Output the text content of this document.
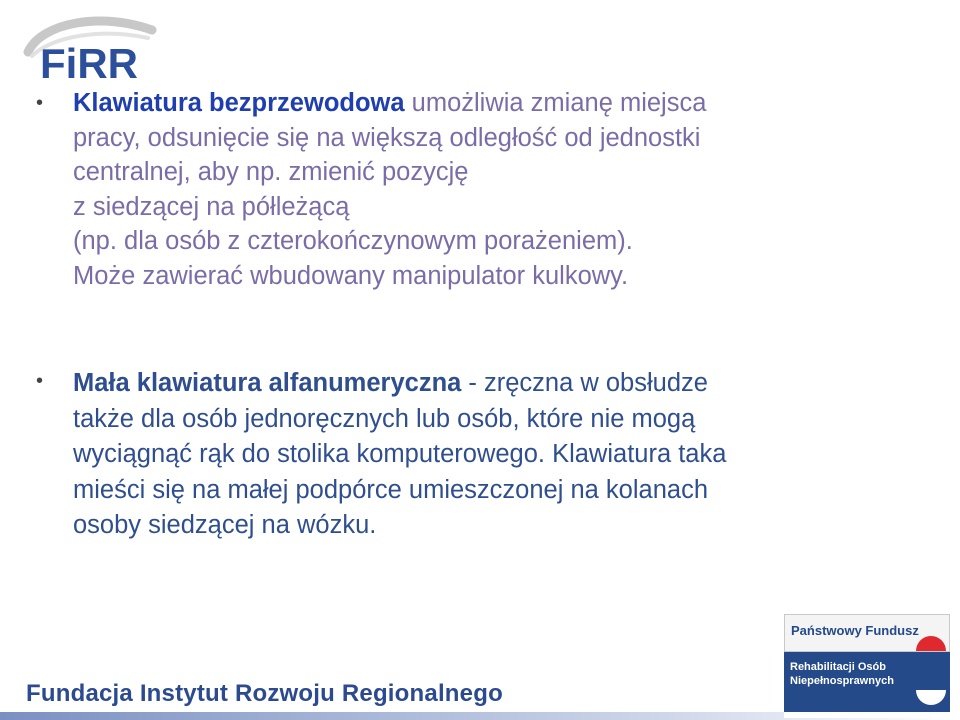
FiRR
• Klawiatura bezprzewodowa umożliwia zmianę miejsca
pracy, odsunięcie się na większą odległość od jednostki
centralnej, aby np. zmienić pozycję
z siedzącej na półleżącą
(np. dla osób z czterokończynowym porażeniem).
Może zawierać wbudowany manipulator kulkowy.
• Mała klawiatura alfanumeryczna - zręczna w obsłudze
także dla osób jednoręcznych lub osób, które nie mogą
wyciągnąć rąk do stolika komputerowego. Klawiatura taka
mieści się na małej podpórce umieszczonej na kolanach
osoby siedzącej na wózku.
Fundacja Instytut Rozwoju Regionalnego
Państwowy Fundusz
Rehabilitacji Osób
Niepełnosprawnych
